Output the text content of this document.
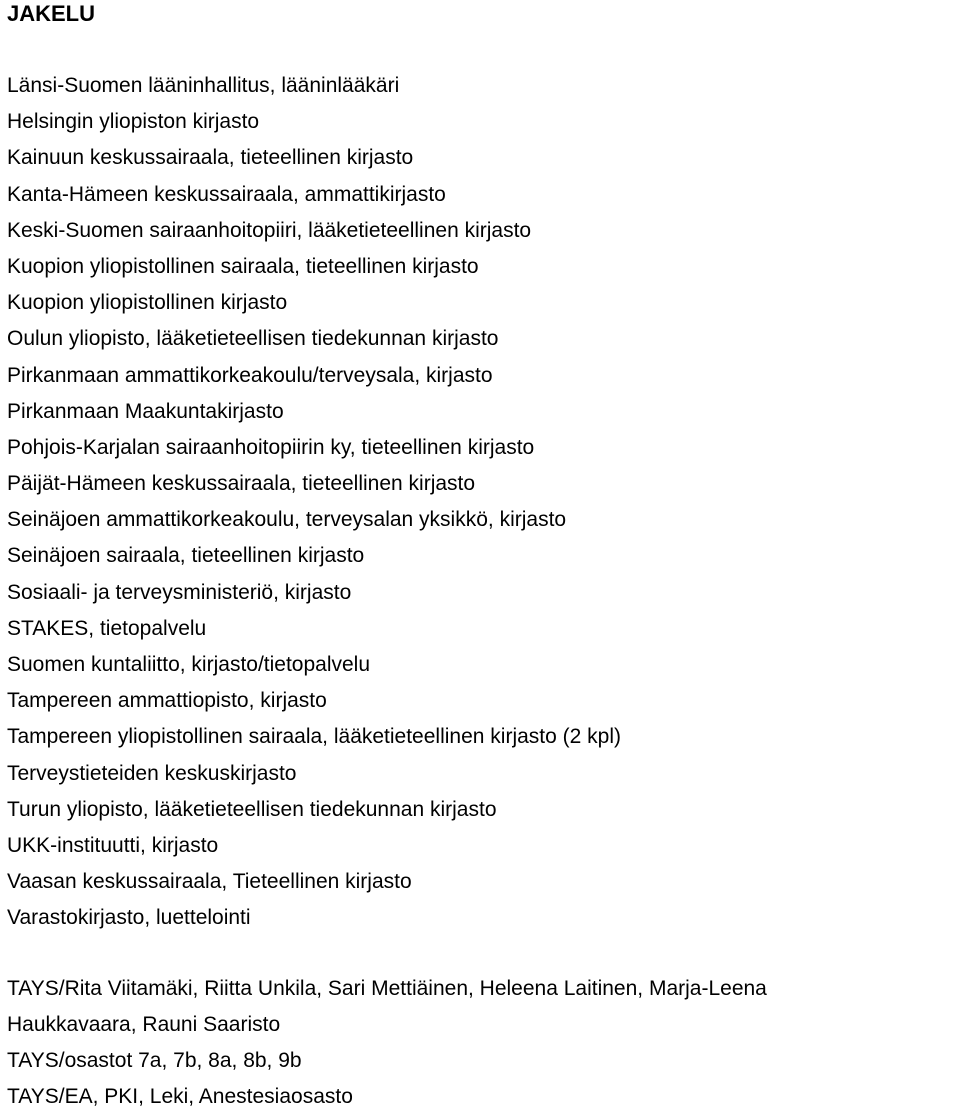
JAKELU
Länsi-Suomen lääninhallitus, lääninlääkäri
Helsingin yliopiston kirjasto
Kainuun keskussairaala, tieteellinen kirjasto
Kanta-Hämeen keskussairaala, ammattikirjasto
Keski-Suomen sairaanhoitopiiri, lääketieteellinen kirjasto
Kuopion yliopistollinen sairaala, tieteellinen kirjasto
Kuopion yliopistollinen kirjasto
Oulun yliopisto, lääketieteellisen tiedekunnan kirjasto
Pirkanmaan ammattikorkeakoulu/terveysala, kirjasto
Pirkanmaan Maakuntakirjasto
Pohjois-Karjalan sairaanhoitopiirin ky, tieteellinen kirjasto
Päijät-Hämeen keskussairaala, tieteellinen kirjasto
Seinäjoen ammattikorkeakoulu, terveysalan yksikkö, kirjasto
Seinäjoen sairaala, tieteellinen kirjasto
Sosiaali- ja terveysministeriö, kirjasto
STAKES, tietopalvelu
Suomen kuntaliitto, kirjasto/tietopalvelu
Tampereen ammattiopisto, kirjasto
Tampereen yliopistollinen sairaala, lääketieteellinen kirjasto (2 kpl)
Terveystieteiden keskuskirjasto
Turun yliopisto, lääketieteellisen tiedekunnan kirjasto
UKK-instituutti, kirjasto
Vaasan keskussairaala, Tieteellinen kirjasto
Varastokirjasto, luettelointi
TAYS/Rita Viitamäki, Riitta Unkila, Sari Mettiäinen, Heleena Laitinen, Marja-Leena
Haukkavaara, Rauni Saaristo
TAYS/osastot 7a, 7b, 8a, 8b, 9b
TAYS/EA, PKI, Leki, Anestesiaosasto
